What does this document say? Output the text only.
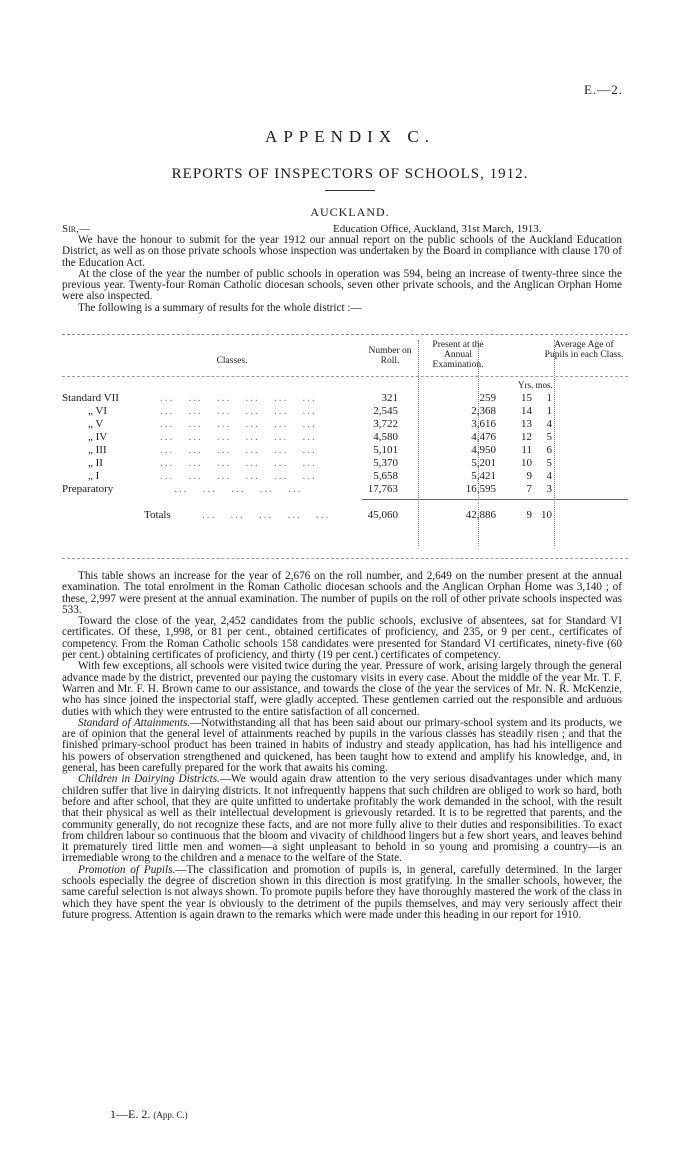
E.—2.
APPENDIX C.
REPORTS OF INSPECTORS OF SCHOOLS, 1912.
AUCKLAND.
Sir,—	Education Office, Auckland, 31st March, 1913.

We have the honour to submit for the year 1912 our annual report on the public schools of the Auckland Education District, as well as on those private schools whose inspection was undertaken by the Board in compliance with clause 170 of the Education Act.

At the close of the year the number of public schools in operation was 594, being an increase of twenty-three since the previous year. Twenty-four Roman Catholic diocesan schools, seven other private schools, and the Anglican Orphan Home were also inspected.

The following is a summary of results for the whole district :—

Classes.
Number on Roll.
Present at the Annual Examination.
Average Age of Pupils in each Class.
Yrs. mos.
Standard VII	...   ...   ...   ...   ...   ...	321	259	15	1
„ VI	...   ...   ...   ...   ...   ...	2,545	2,368	14	1
„ V	...   ...   ...   ...   ...   ...	3,722	3,616	13	4
„ IV	...   ...   ...   ...   ...   ...	4,580	4,476	12	5
„ III	...   ...   ...   ...   ...   ...	5,101	4,950	11	6
„ II	...   ...   ...   ...   ...   ...	5,370	5,201	10	5
„ I	...   ...   ...   ...   ...   ...	5,658	5,421	9	4
Preparatory	...   ...   ...   ...   ...	17,763	16,595	7	3
Totals	...   ...   ...   ...   ...	45,060	42,886	9 10

This table shows an increase for the year of 2,676 on the roll number, and 2,649 on the number present at the annual examination. The total enrolment in the Roman Catholic diocesan schools and the Anglican Orphan Home was 3,140 ; of these, 2,997 were present at the annual examination. The number of pupils on the roll of other private schools inspected was 533.

Toward the close of the year, 2,452 candidates from the public schools, exclusive of absentees, sat for Standard VI certificates. Of these, 1,998, or 81 per cent., obtained certificates of proficiency, and 235, or 9 per cent., certificates of competency. From the Roman Catholic schools 158 candidates were presented for Standard VI certificates, ninety-five (60 per cent.) obtaining certificates of proficiency, and thirty (19 per cent.) certificates of competency.

With few exceptions, all schools were visited twice during the year. Pressure of work, arising largely through the general advance made by the district, prevented our paying the customary visits in every case. About the middle of the year Mr. T. F. Warren and Mr. F. H. Brown came to our assistance, and towards the close of the year the services of Mr. N. R. McKenzie, who has since joined the inspectorial staff, were gladly accepted. These gentlemen carried out the responsible and arduous duties with which they were entrusted to the entire satisfaction of all concerned.

Standard of Attainments.—Notwithstanding all that has been said about our primary-school system and its products, we are of opinion that the general level of attainments reached by pupils in the various classes has steadily risen ; and that the finished primary-school product has been trained in habits of industry and steady application, has had his intelligence and his powers of observation strengthened and quickened, has been taught how to extend and amplify his knowledge, and, in general, has been carefully prepared for the work that awaits his coming.

Children in Dairying Districts.—We would again draw attention to the very serious disadvantages under which many children suffer that live in dairying districts. It not infrequently happens that such children are obliged to work so hard, both before and after school, that they are quite unfitted to undertake profitably the work demanded in the school, with the result that their physical as well as their intellectual development is grievously retarded. It is to be regretted that parents, and the community generally, do not recognize these facts, and are not more fully alive to their duties and responsibilities. To exact from children labour so continuous that the bloom and vivacity of childhood lingers but a few short years, and leaves behind it prematurely tired little men and women—a sight unpleasant to behold in so young and promising a country—is an irremediable wrong to the children and a menace to the welfare of the State.

Promotion of Pupils.—The classification and promotion of pupils is, in general, carefully determined. In the larger schools especially the degree of discretion shown in this direction is most gratifying. In the smaller schools, however, the same careful selection is not always shown. To promote pupils before they have thoroughly mastered the work of the class in which they have spent the year is obviously to the detriment of the pupils themselves, and may very seriously affect their future progress. Attention is again drawn to the remarks which were made under this heading in our report for 1910.

1—E. 2. (App. C.)
